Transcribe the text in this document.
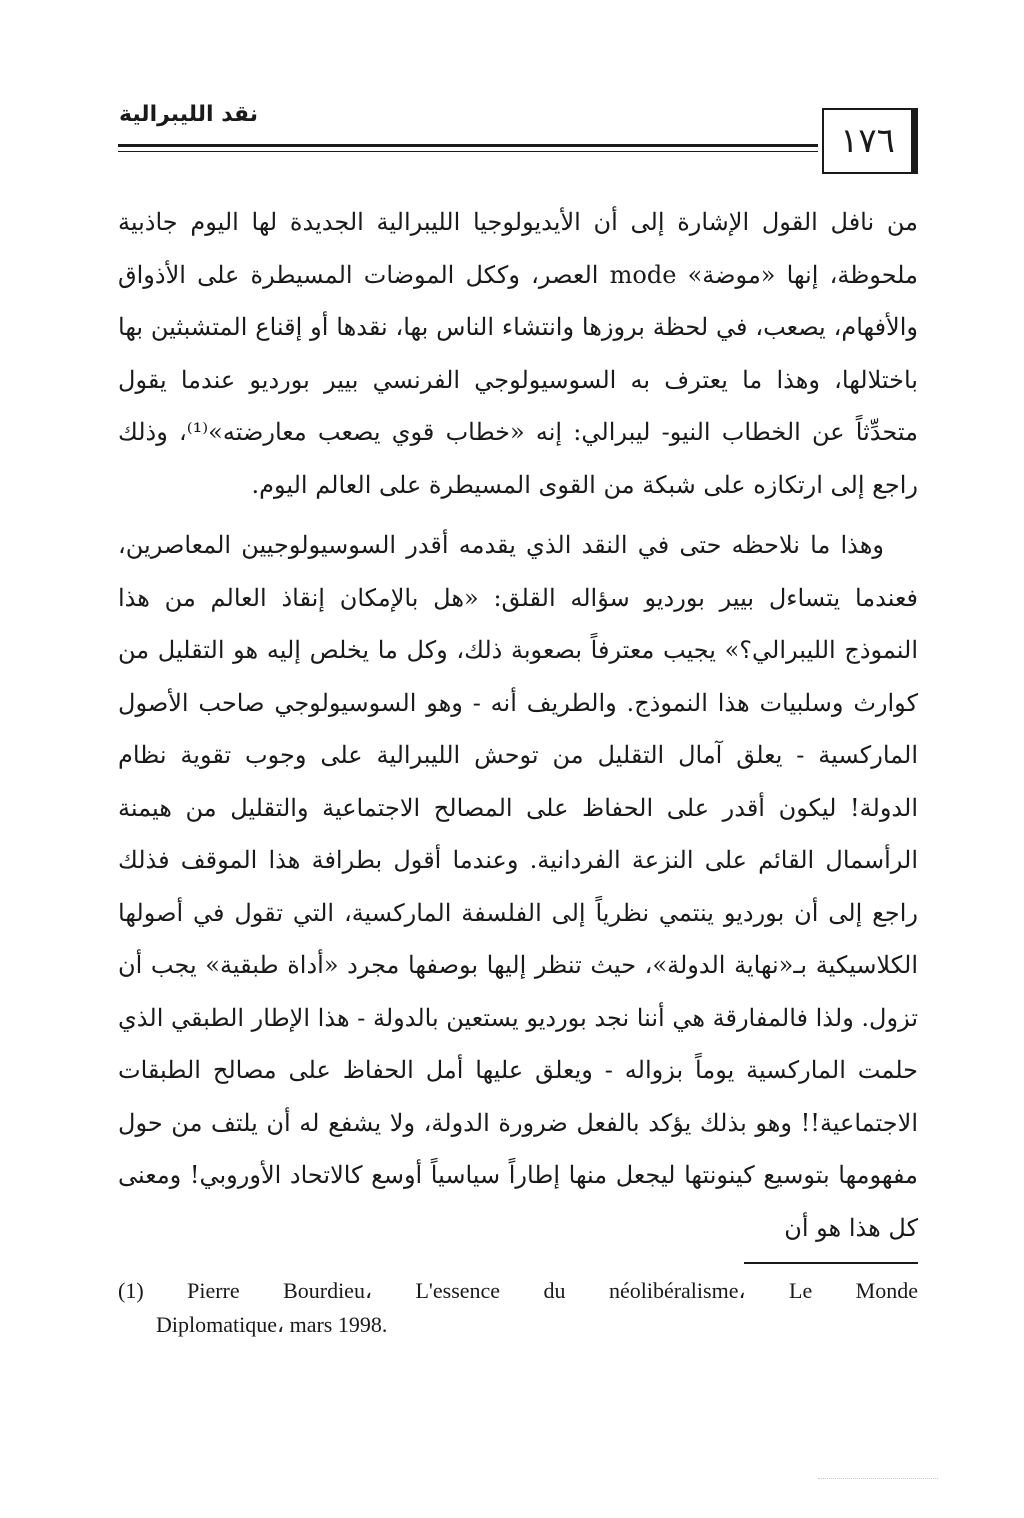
نقد الليبرالية
١٧٦

من نافل القول الإشارة إلى أن الأيديولوجيا الليبرالية الجديدة لها اليوم جاذبية ملحوظة، إنها «موضة» mode العصر، وككل الموضات المسيطرة على الأذواق والأفهام، يصعب، في لحظة بروزها وانتشاء الناس بها، نقدها أو إقناع المتشبثين بها باختلالها، وهذا ما يعترف به السوسيولوجي الفرنسي بيير بورديو عندما يقول متحدِّثاً عن الخطاب النيو- ليبرالي: إنه «خطاب قوي يصعب معارضته»⁽¹⁾، وذلك راجع إلى ارتكازه على شبكة من القوى المسيطرة على العالم اليوم.

وهذا ما نلاحظه حتى في النقد الذي يقدمه أقدر السوسيولوجيين المعاصرين، فعندما يتساءل بيير بورديو سؤاله القلق: «هل بالإمكان إنقاذ العالم من هذا النموذج الليبرالي؟» يجيب معترفاً بصعوبة ذلك، وكل ما يخلص إليه هو التقليل من كوارث وسلبيات هذا النموذج. والطريف أنه - وهو السوسيولوجي صاحب الأصول الماركسية - يعلق آمال التقليل من توحش الليبرالية على وجوب تقوية نظام الدولة! ليكون أقدر على الحفاظ على المصالح الاجتماعية والتقليل من هيمنة الرأسمال القائم على النزعة الفردانية. وعندما أقول بطرافة هذا الموقف فذلك راجع إلى أن بورديو ينتمي نظرياً إلى الفلسفة الماركسية، التي تقول في أصولها الكلاسيكية بـ«نهاية الدولة»، حيث تنظر إليها بوصفها مجرد «أداة طبقية» يجب أن تزول. ولذا فالمفارقة هي أننا نجد بورديو يستعين بالدولة - هذا الإطار الطبقي الذي حلمت الماركسية يوماً بزواله - ويعلق عليها أمل الحفاظ على مصالح الطبقات الاجتماعية!! وهو بذلك يؤكد بالفعل ضرورة الدولة، ولا يشفع له أن يلتف من حول مفهومها بتوسيع كينونتها ليجعل منها إطاراً سياسياً أوسع كالاتحاد الأوروبي! ومعنى كل هذا هو أن

(1) Pierre Bourdieu، L'essence du néolibéralisme، Le Monde
Diplomatique، mars 1998.
